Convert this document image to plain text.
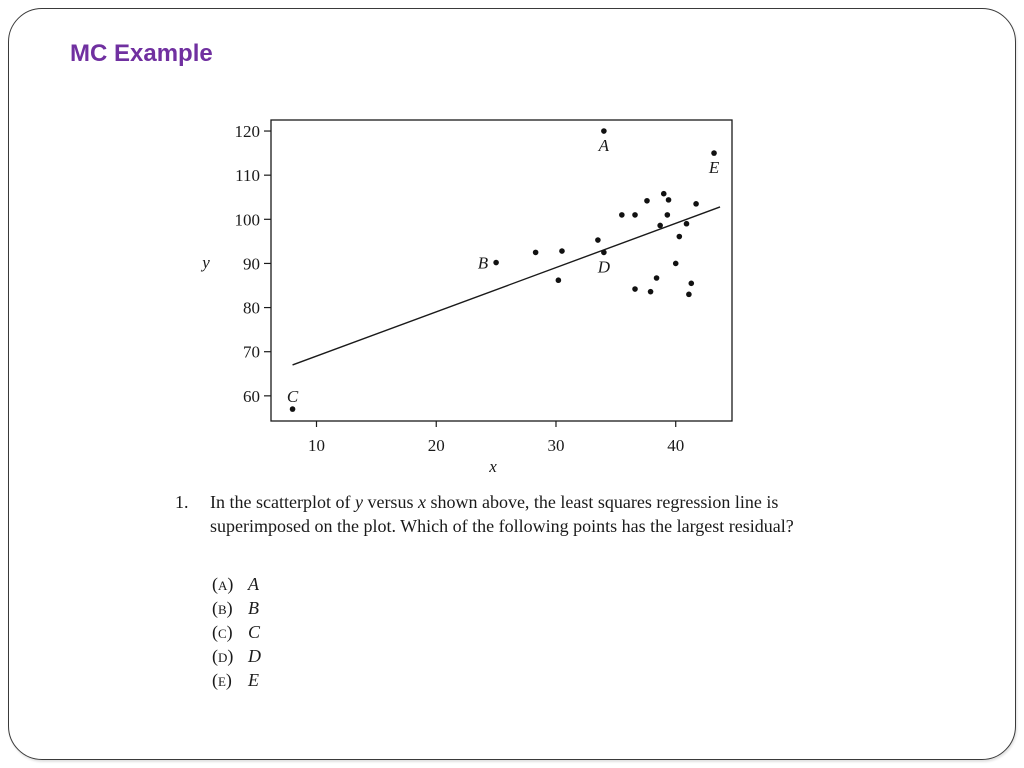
MC Example
10	20	30	40
60
70
80
90
100
110
120
A
E
B
C
D
x
y
1. In the scatterplot of y versus x shown above, the least squares regression line is superimposed on the plot. Which of the following points has the largest residual?
(a) A
(b) B
(c) C
(d) D
(e) E
